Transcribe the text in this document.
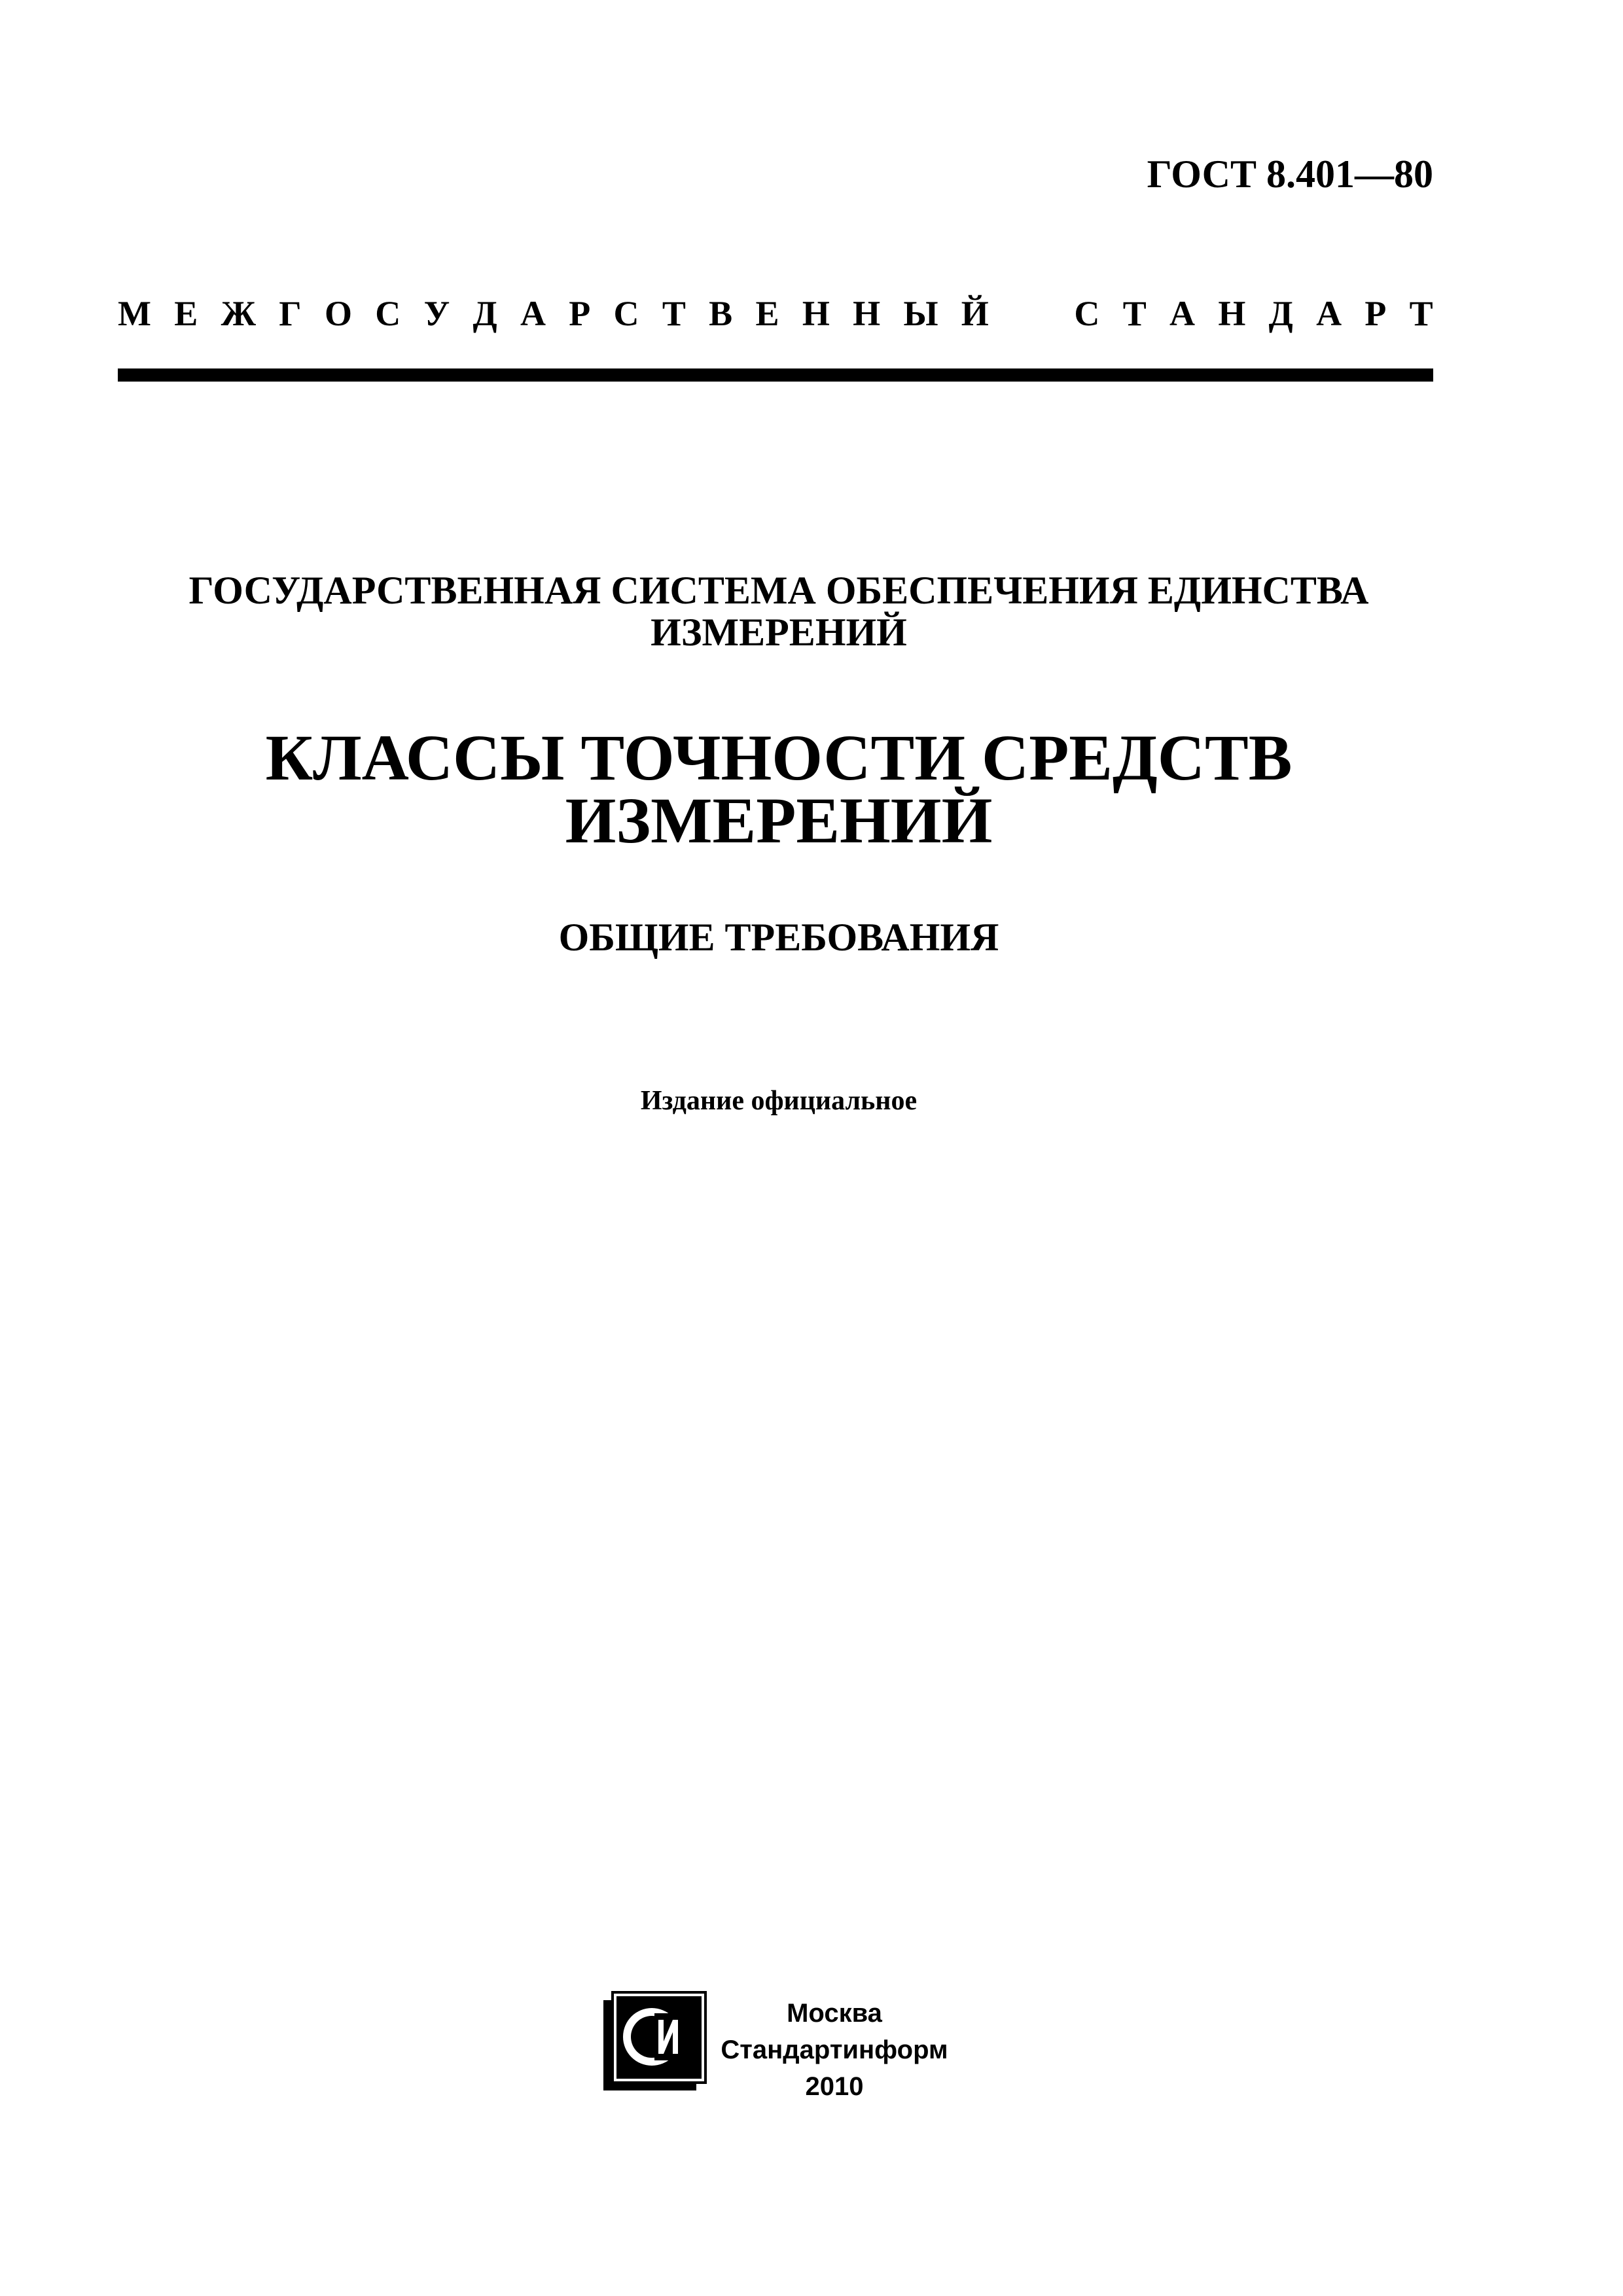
ГОСТ 8.401—80
М Е Ж Г О С У Д А Р С Т В Е Н Н Ы Й С Т А Н Д А Р Т
ГОСУДАРСТВЕННАЯ СИСТЕМА ОБЕСПЕЧЕНИЯ ЕДИНСТВА
ИЗМЕРЕНИЙ
КЛАССЫ ТОЧНОСТИ СРЕДСТВ
ИЗМЕРЕНИЙ
ОБЩИЕ ТРЕБОВАНИЯ
Издание официальное
Москва
Стандартинформ
2010
